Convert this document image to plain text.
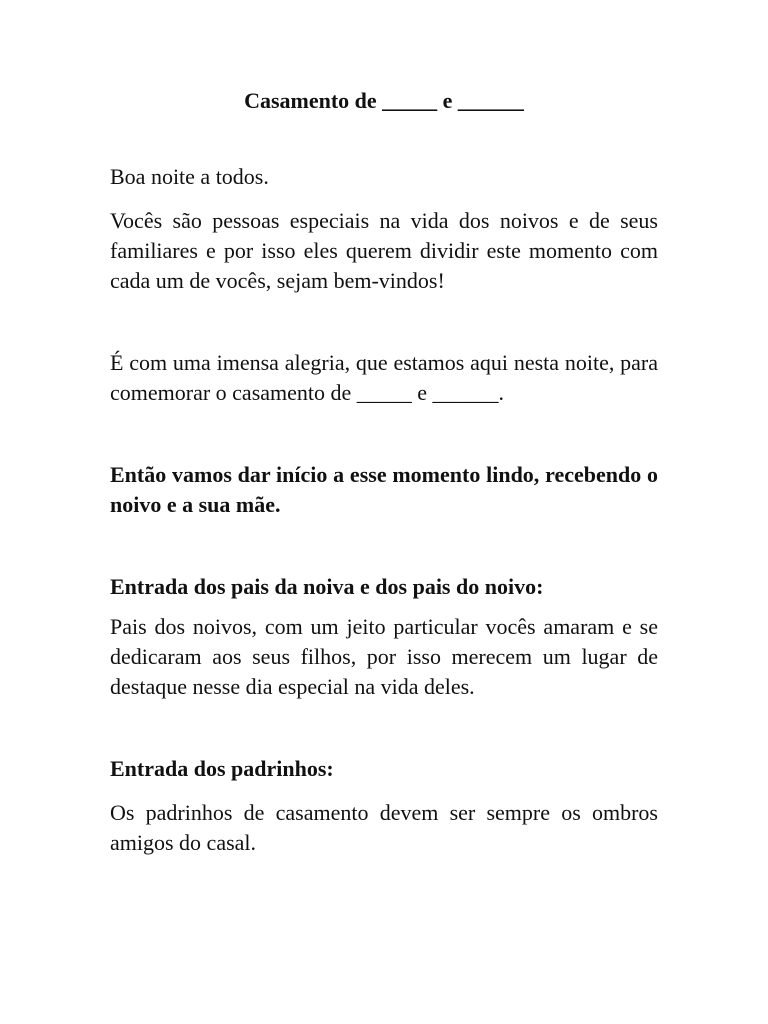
Casamento de _____ e ______

Boa noite a todos.

Vocês são pessoas especiais na vida dos noivos e de seus familiares e por isso eles querem dividir este momento com cada um de vocês, sejam bem-vindos!

É com uma imensa alegria, que estamos aqui nesta noite, para comemorar o casamento de _____ e ______.

Então vamos dar início a esse momento lindo, recebendo o noivo e a sua mãe.

Entrada dos pais da noiva e dos pais do noivo:

Pais dos noivos, com um jeito particular vocês amaram e se dedicaram aos seus filhos, por isso merecem um lugar de destaque nesse dia especial na vida deles.

Entrada dos padrinhos:

Os padrinhos de casamento devem ser sempre os ombros amigos do casal.
